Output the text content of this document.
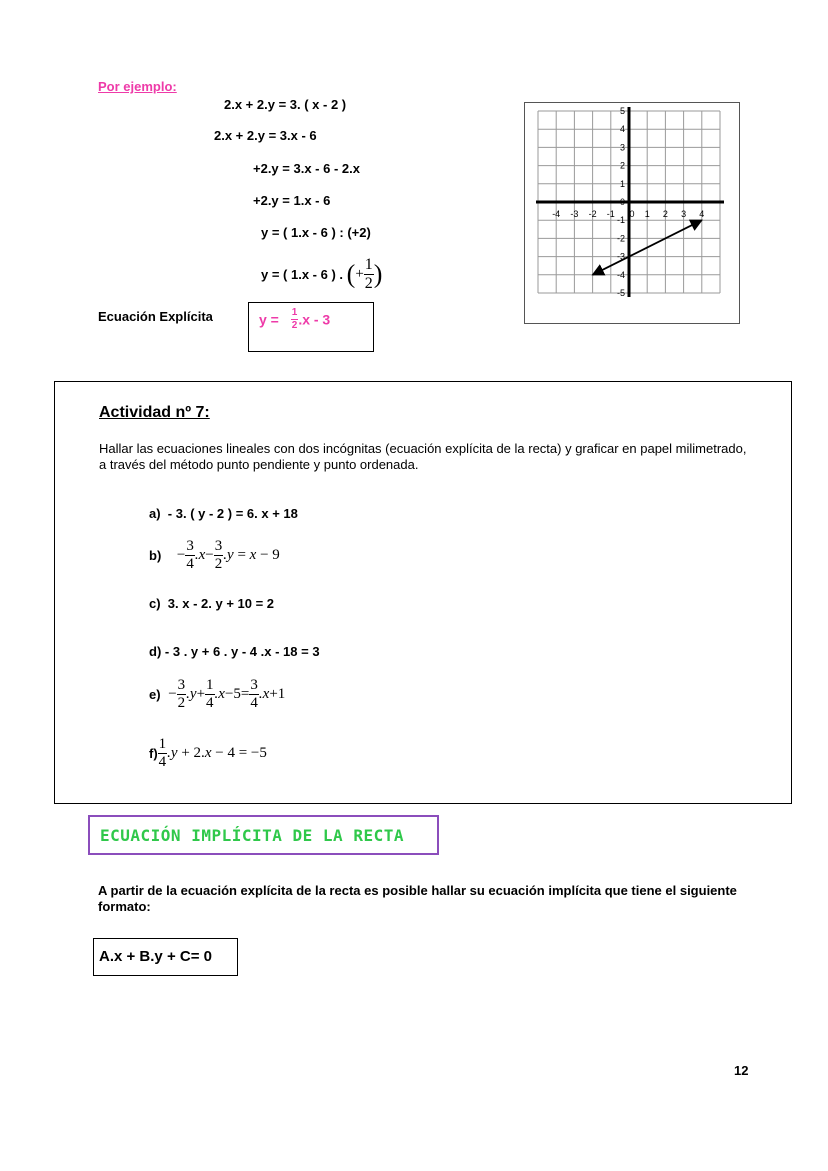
Por ejemplo:
2.x + 2.y = 3. ( x - 2 )
2.x + 2.y = 3.x - 6
+2.y = 3.x - 6 - 2.x
+2.y = 1.x - 6
y = ( 1.x - 6 ) : (+2)
y = ( 1.x - 6 ) . (+ $\frac{1}{2}$ )
Ecuación Explícita	$y = \frac{1}{2} .x - 3$
-4 -3 -2 -1 0 1 2 3 4
5
4
3
2
1
0
-1
-2
-3
-4
-5
Actividad nº 7:
Hallar las ecuaciones lineales con dos incógnitas (ecuación explícita de la recta) y graficar en papel milimetrado, a través del método punto pendiente y punto ordenada.
a) - 3. ( y - 2 ) = 6. x + 18
$b) - \frac{3}{4} .x- \frac{3}{2} .y = x - 9$
c) 3. x - 2. y + 10 = 2
d) - 3 . y + 6 . y - 4 .x - 18 = 3
$e) - \frac{3}{2} .y+ \frac{1}{4} .x-5= \frac{3}{4} .x+1$
$f) \frac{1}{4} .y + 2.x - 4 = -5$
ECUACIÓN IMPLÍCITA DE LA RECTA
A partir de la ecuación explícita de la recta es posible hallar su ecuación implícita que tiene el siguiente formato:
A.x + B.y + C= 0
12
